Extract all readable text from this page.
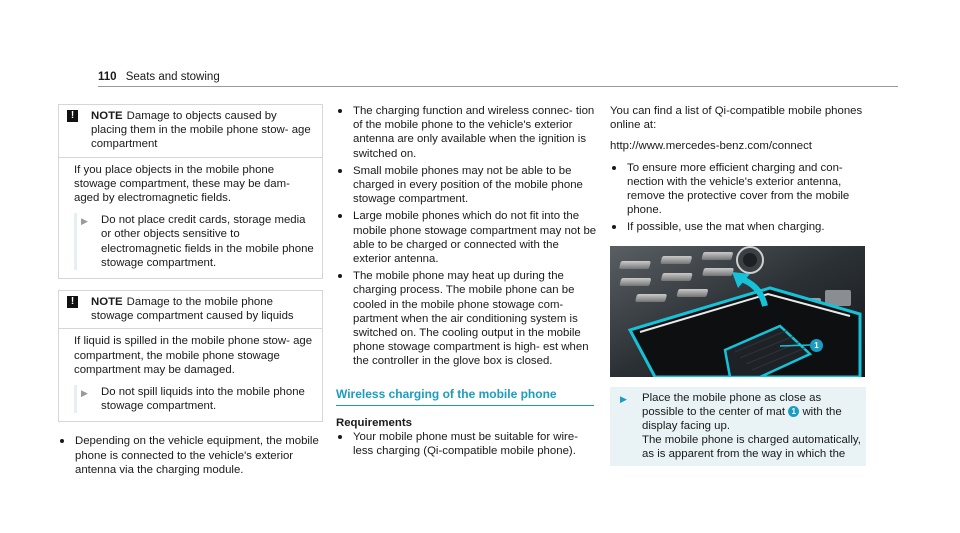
110 Seats and stowing
!	NOTE Damage to objects caused by placing them in the mobile phone stow‐ age compartment

If you place objects in the mobile phone stowage compartment, these may be dam‐ aged by electromagnetic fields.

▶ Do not place credit cards, storage media or other objects sensitive to electromagnetic fields in the mobile phone stowage compartment.
!	NOTE Damage to the mobile phone stowage compartment caused by liquids

If liquid is spilled in the mobile phone stow‐ age compartment, the mobile phone stowage compartment may be damaged.

▶ Do not spill liquids into the mobile phone stowage compartment.
Depending on the vehicle equipment, the mobile phone is connected to the vehicle's exterior antenna via the charging module.
The charging function and wireless connec‐ tion of the mobile phone to the vehicle's exterior antenna are only available when the ignition is switched on.
Small mobile phones may not be able to be charged in every position of the mobile phone stowage compartment.
Large mobile phones which do not fit into the mobile phone stowage compartment may not be able to be charged or connected with the exterior antenna.
The mobile phone may heat up during the charging process. The mobile phone can be cooled in the mobile phone stowage com‐ partment when the air conditioning system is switched on. The cooling output in the mobile phone stowage compartment is high‐ est when the controller in the glove box is closed.
Wireless charging of the mobile phone
Requirements
Your mobile phone must be suitable for wire‐ less charging (Qi-compatible mobile phone).

You can find a list of Qi-compatible mobile phones online at:

http://www.mercedes-benz.com/connect

To ensure more efficient charging and con‐ nection with the vehicle's exterior antenna, remove the protective cover from the mobile phone.
If possible, use the mat when charging.
1
▶ Place the mobile phone as close as possible to the center of mat 1 with the display facing up.
The mobile phone is charged automatically, as is apparent from the way in which the
